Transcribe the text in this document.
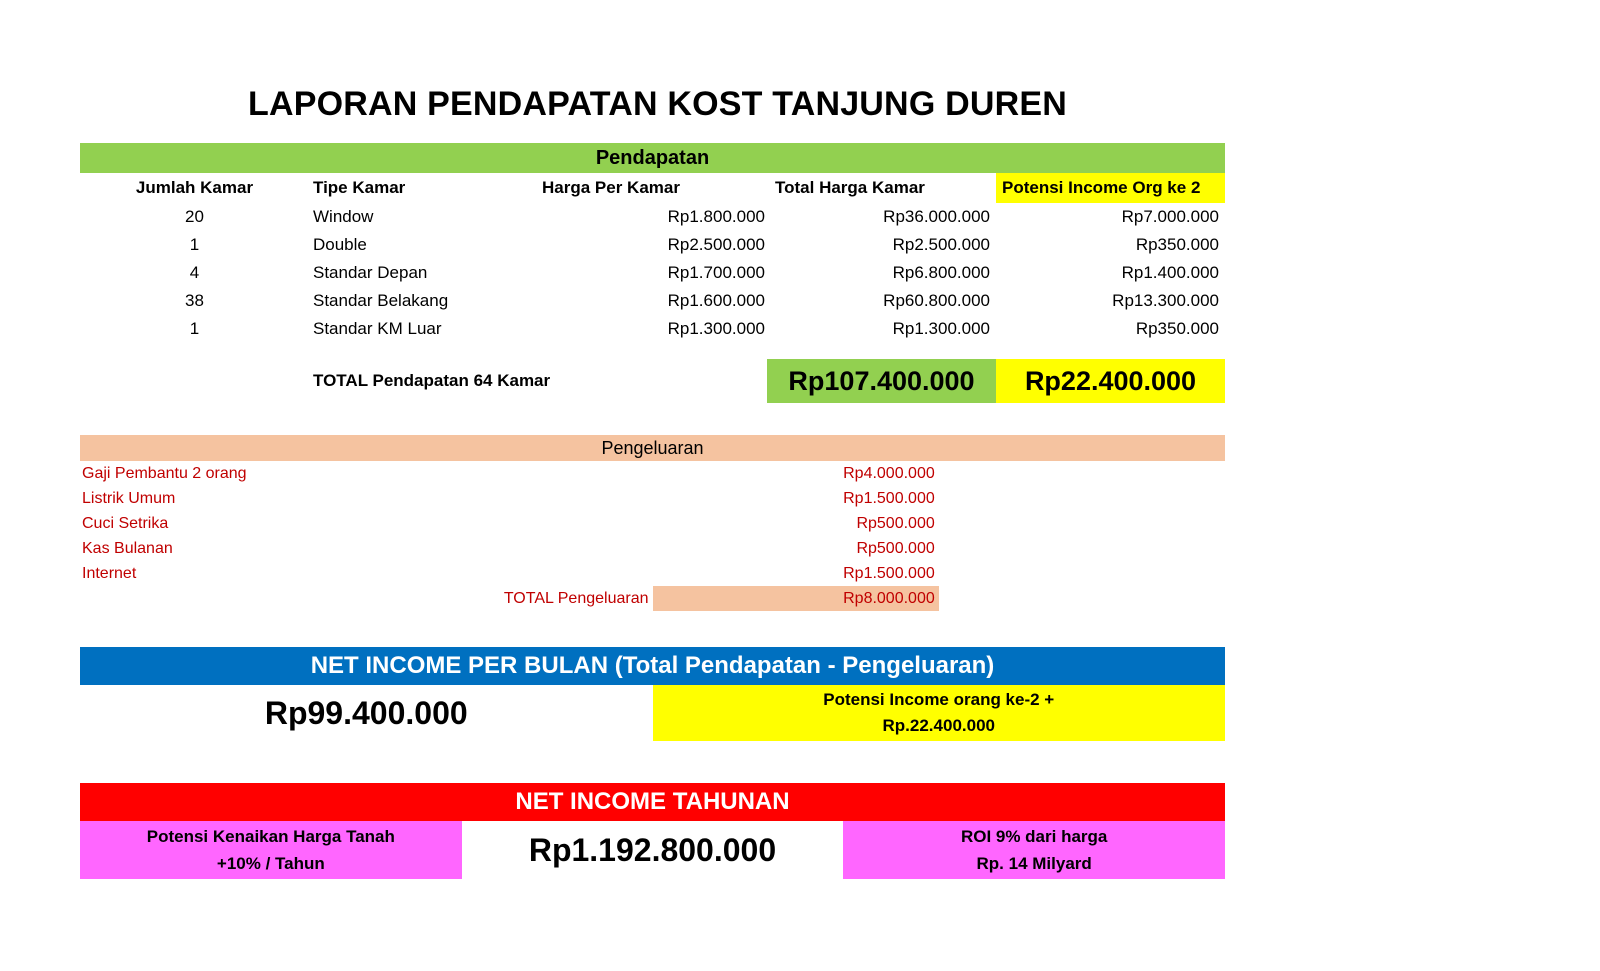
LAPORAN PENDAPATAN KOST TANJUNG DUREN
Pendapatan				
Jumlah Kamar	Tipe Kamar	Harga Per Kamar	Total Harga Kamar	Potensi Income Org ke 2
20	Window	Rp1.800.000	Rp36.000.000	Rp7.000.000
1	Double	Rp2.500.000	Rp2.500.000	Rp350.000
4	Standar Depan	Rp1.700.000	Rp6.800.000	Rp1.400.000
38	Standar Belakang	Rp1.600.000	Rp60.800.000	Rp13.300.000
1	Standar KM Luar	Rp1.300.000	Rp1.300.000	Rp350.000

	TOTAL Pendapatan 64 Kamar		Rp107.400.000	Rp22.400.000
Pengeluaran			
Gaji Pembantu 2 orang		Rp4.000.000	
Listrik Umum		Rp1.500.000	
Cuci Setrika		Rp500.000	
Kas Bulanan		Rp500.000	
Internet		Rp1.500.000	
	TOTAL Pengeluaran	Rp8.000.000	
NET INCOME PER BULAN (Total Pendapatan - Pengeluaran)
Rp99.400.000	Potensi Income orang ke-2 +
Rp.22.400.000
NET INCOME TAHUNAN

Potensi Kenaikan Harga Tanah
+10% / Tahun	Rp1.192.800.000	ROI 9% dari harga
Rp. 14 Milyard
